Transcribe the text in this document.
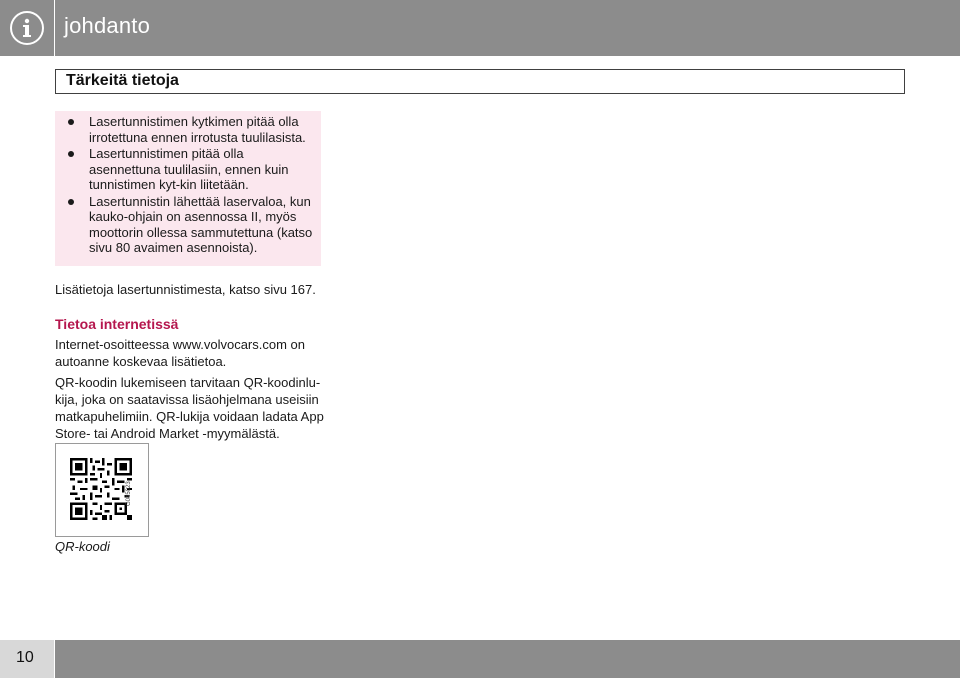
johdanto
Tärkeitä tietoja
Lasertunnistimen kytkimen pitää olla irrotettuna ennen irrotusta tuulilasista.
Lasertunnistimen pitää olla asennettuna tuulilasiin, ennen kuin tunnistimen kyt-kin liitetään.
Lasertunnistin lähettää laservaloa, kun kauko-ohjain on asennossa II, myös moottorin ollessa sammutettuna (katso sivu 80 avaimen asennoista).

Lisätietoja lasertunnistimesta, katso sivu 167.

Tietoa internetissä

Internet-osoitteessa www.volvocars.com on autoanne koskevaa lisätietoa.

QR-koodin lukemiseen tarvitaan QR-koodinlu-kija, joka on saatavissa lisäohjelmana useisiin matkapuhelimiin. QR-lukija voidaan ladata App Store- tai Android Market -myymälästä.

G045023
QR-koodi
10
